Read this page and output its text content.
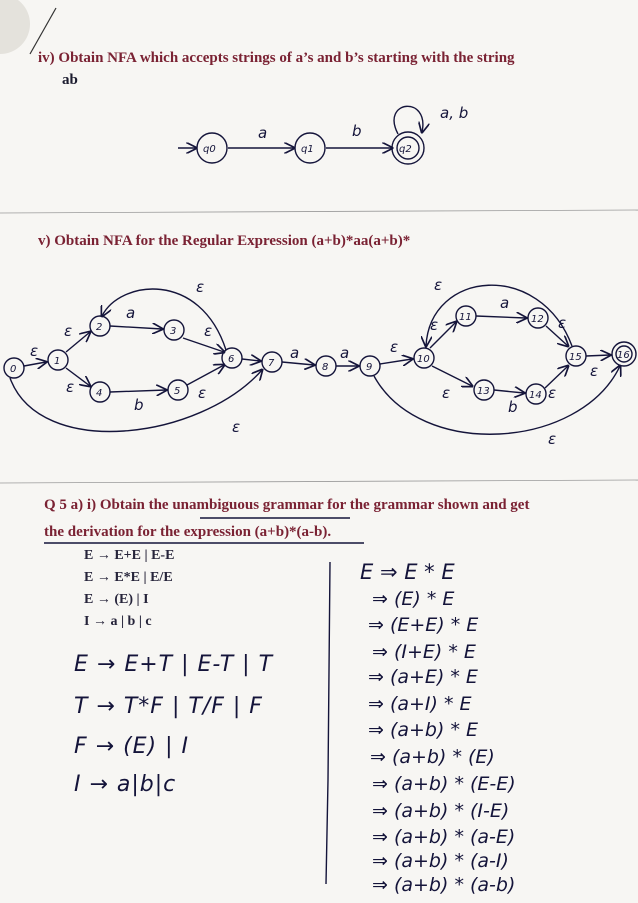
iv) Obtain NFA which accepts strings of a’s and b’s starting with the string
ab
v) Obtain NFA for the Regular Expression (a+b)*aa(a+b)*
Q 5 a) i) Obtain the unambiguous grammar for the grammar shown and get
the derivation for the expression (a+b)*(a-b).
E → E+E | E-E
E → E*E | E/E
E → (E) | I
I → a | b | c
E → E+T | E-T | T
T → T*F | T/F | F
F → (E) | I
I → a|b|c
E ⇒ E * E
⇒ (E) * E
⇒ (E+E) * E
⇒ (I+E) * E
⇒ (a+E) * E
⇒ (a+I) * E
⇒ (a+b) * E
⇒ (a+b) * (E)
⇒ (a+b) * (E-E)
⇒ (a+b) * (I-E)
⇒ (a+b) * (a-E)
⇒ (a+b) * (a-I)
⇒ (a+b) * (a-b)
q0
a
q1
b
q2
a, b
0
1
2	3
4	5
6	7	8	9
10
11	12
13	14
15	16
ε
ε
a
ε
b
ε
ε
ε
ε
a	a	ε
ε
a
ε
b
ε
ε
ε
ε
ε
